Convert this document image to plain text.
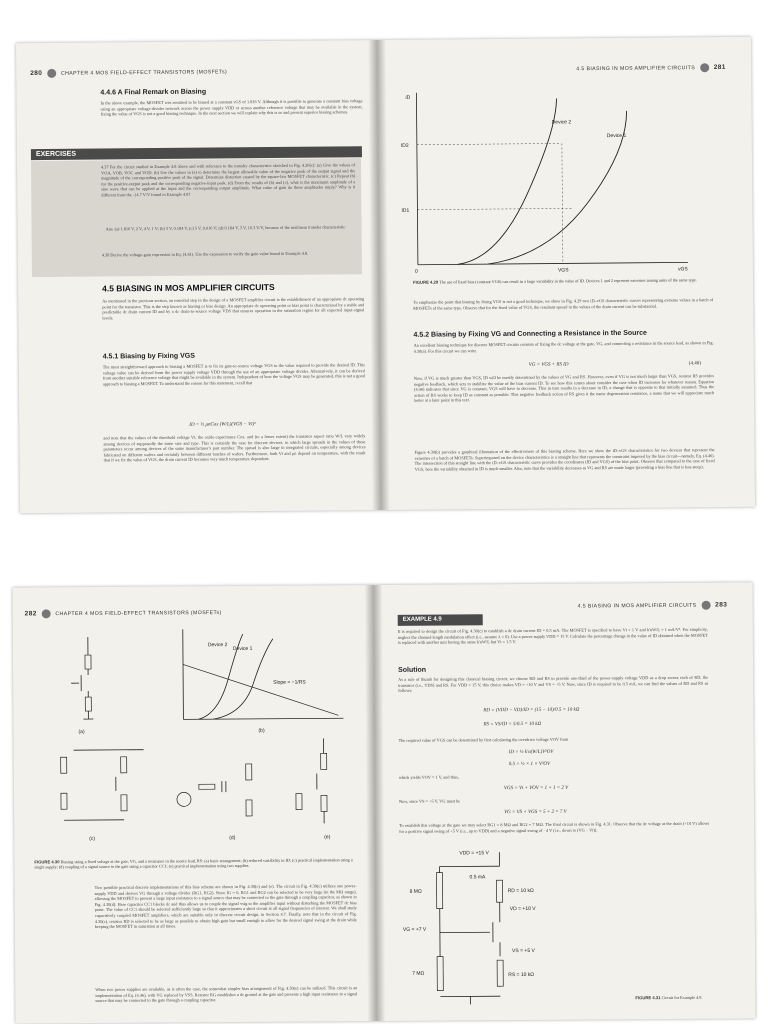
280	CHAPTER 4 MOS FIELD-EFFECT TRANSISTORS (MOSFETs)
4.4.6 A Final Remark on Biasing
In the above example, the MOSFET was assumed to be biased at a constant vGS of 1.816 V. Although it is possible to generate a constant bias voltage using an appropriate voltage-divider network across the power supply VDD or across another reference voltage that may be available in the system, fixing the value of VGS is not a good biasing technique. In the next section we will explain why this is so and present superior biasing schemes.
EXERCISES
4.37 For the circuit studied in Example 4.8 above and with reference to the transfer characteristic sketched in Fig. 4.26(c): (a) Give the values of VOA, VOB, VOC and VOD. (b) Use the values in (a) to determine the largest allowable value of the negative peak of the output signal and the magnitude of the corresponding positive peak of the signal. Determine distortion caused by the square-law MOSFET characteristic. (c) Repeat (b) for the positive-output peak and the corresponding negative-input peak. (d) From the results of (b) and (c), what is the maximum amplitude of a sine wave that can be applied at the input and the corresponding output amplitude. What value of gain do these amplitudes imply? Why is it different from the -14.7 V/V found in Example 4.8?
Ans. (a) 1.816 V, 2 V, 4 V, 1 V; (b) 3 V, 0.184 V, (c) 5 V, 0.016 V; (d) 0.184 V, 3 V, 16.3 V/V, because of the nonlinear transfer characteristic
4.38 Derive the voltage-gain expression in Eq. (4.41). Use the expression to verify the gain value found in Example 4.8.
4.5 BIASING IN MOS AMPLIFIER CIRCUITS
As mentioned in the previous section, an essential step in the design of a MOSFET amplifier circuit is the establishment of an appropriate dc operating point for the transistor. This is the step known as biasing or bias design. An appropriate dc operating point or bias point is characterized by a stable and predictable dc drain current ID and by a dc drain-to-source voltage VDS that ensures operation in the saturation region for all expected input-signal levels.
4.5.1 Biasing by Fixing VGS
The most straightforward approach to biasing a MOSFET is to fix its gate-to-source voltage VGS to the value required to provide the desired ID. This voltage value can be derived from the power supply voltage VDD through the use of an appropriate voltage divider. Alternatively, it can be derived from another suitable reference voltage that might be available in the system. Independent of how the voltage VGS may be generated, this is not a good approach to biasing a MOSFET. To understand the reason for this statement, recall that
ID = ½ μnCox (W/L)(VGS − Vt)²
and note that the values of the threshold voltage Vt, the oxide-capacitance Cox, and (to a lesser extent) the transistor aspect ratio W/L vary widely among devices of supposedly the same size and type. This is certainly the case for discrete devices, in which large spreads in the values of these parameters occur among devices of the same manufacturer's part number. The spread is also large in integrated circuits, especially among devices fabricated on different wafers and certainly between different batches of wafers. Furthermore, both Vt and μn depend on temperature, with the result that if we fix the value of VGS, the drain current ID becomes very much temperature dependent.
4.5 BIASING IN MOS AMPLIFIER CIRCUITS	281
iD
ID2
ID1
Device 2
Device 1
0	VGS	vGS
FIGURE 4.29 The use of fixed bias (constant VGS) can result in a large variability in the value of ID. Devices 1 and 2 represent extremes among units of the same type.
To emphasize the point that biasing by fixing VGS is not a good technique, we show in Fig. 4.29 two iD–vGS characteristic curves representing extreme values in a batch of MOSFETs of the same type. Observe that for the fixed value of VGS, the resultant spread in the values of the drain current can be substantial.
4.5.2 Biasing by Fixing VG and Connecting a Resistance in the Source
An excellent biasing technique for discrete MOSFET circuits consists of fixing the dc voltage at the gate, VG, and connecting a resistance in the source lead, as shown in Fig. 4.30(a). For this circuit we can write
VG = VGS + RS ID	(4.46)
Now, if VG is much greater than VGS, ID will be mostly determined by the values of VG and RS. However, even if VG is not much larger than VGS, resistor RS provides negative feedback, which acts to stabilize the value of the bias current ID. To see how this comes about consider the case when ID increases for whatever reason. Equation (4.46) indicates that since VG is constant, VGS will have to decrease. This in turn results in a decrease in ID, a change that is opposite to that initially assumed. Thus the action of RS works to keep ID as constant as possible. This negative feedback action of RS gives it the name degeneration resistance, a name that we will appreciate much better at a later point in this text.
Figure 4.30(b) provides a graphical illustration of the effectiveness of this biasing scheme. Here we show the iD–vGS characteristics for two devices that represent the extremes of a batch of MOSFETs. Superimposed on the device characteristics is a straight line that represents the constraint imposed by the bias circuit—namely, Eq. (4.46). The intersection of this straight line with the iD–vGS characteristic curve provides the coordinates (ID and VGS) of the bias point. Observe that compared to the case of fixed VGS, here the variability obtained in ID is much smaller. Also, note that the variability decreases as VG and RS are made larger (providing a bias line that is less steep).
282	CHAPTER 4 MOS FIELD-EFFECT TRANSISTORS (MOSFETs)
(a)
Device 2
Device 1
Slope = −1/RS
(b)
(c)	(d)	(e)
FIGURE 4.30 Biasing using a fixed voltage at the gate, VG, and a resistance in the source lead, RS: (a) basic arrangement; (b) reduced variability in ID; (c) practical implementation using a single supply; (d) coupling of a signal source to the gate using a capacitor CC1; (e) practical implementation using two supplies.
Two possible practical discrete implementations of this bias scheme are shown in Fig. 4.30(c) and (e). The circuit in Fig. 4.30(c) utilizes one power-supply VDD and derives VG through a voltage divider (RG1, RG2). Since IG = 0, RG1 and RG2 can be selected to be very large (in the MΩ range), allowing the MOSFET to present a large input resistance to a signal source that may be connected to the gate through a coupling capacitor, as shown in Fig. 4.30(d). Here capacitor CC1 blocks dc and thus allows us to couple the signal vsig to the amplifier input without disturbing the MOSFET dc bias point. The value of CC1 should be selected sufficiently large so that it approximates a short circuit at all signal frequencies of interest. We shall study capacitively coupled MOSFET amplifiers, which are suitable only in discrete circuit design, in Section 4.7. Finally, note that in the circuit of Fig. 4.30(c), resistor RD is selected to be as large as possible to obtain high gain but small enough to allow for the desired signal swing at the drain while keeping the MOSFET in saturation at all times.
When two power supplies are available, as is often the case, the somewhat simpler bias arrangement of Fig. 4.30(e) can be utilized. This circuit is an implementation of Eq. (4.46), with VG replaced by VSS. Resistor RG establishes a dc ground at the gate and presents a high input resistance to a signal source that may be connected to the gate through a coupling capacitor.
4.5 BIASING IN MOS AMPLIFIER CIRCUITS	283
EXAMPLE 4.9
It is required to design the circuit of Fig. 4.30(c) to establish a dc drain current ID = 0.5 mA. The MOSFET is specified to have Vt = 1 V and k'nW/L = 1 mA/V². For simplicity, neglect the channel-length modulation effect (i.e., assume λ = 0). Use a power-supply VDD = 15 V. Calculate the percentage change in the value of ID obtained when the MOSFET is replaced with another unit having the same k'nW/L but Vt = 1.5 V.
Solution
As a rule of thumb for designing this classical biasing circuit, we choose RD and RS to provide one-third of the power-supply voltage VDD as a drop across each of RD, the transistor (i.e., VDS) and RS. For VDD = 15 V, this choice makes VD = +10 V and VS = +5 V. Now, since ID is required to be 0.5 mA, we can find the values of RD and RS as follows:
RD = (VDD − VD)/ID = (15 − 10)/0.5 = 10 kΩ
RS = VS/ID = 5/0.5 = 10 kΩ
The required value of VGS can be determined by first calculating the overdrive voltage VOV from
ID = ½ k'n(W/L)V²OV
0.5 = ½ × 1 × V²OV
which yields VOV = 1 V, and thus,
VGS = Vt + VOV = 1 + 1 = 2 V
Now, since VS = +5 V, VG must be
VG = VS + VGS = 5 + 2 = 7 V
To establish this voltage at the gate we may select RG1 = 8 MΩ and RG2 = 7 MΩ. The final circuit is shown in Fig. 4.31. Observe that the dc voltage at the drain (+10 V) allows for a positive signal swing of +5 V (i.e., up to VDD) and a negative signal swing of −4 V (i.e., down to (VG − Vt)).
VDD = +15 V
0.5 mA
8 MΩ	RD = 10 kΩ
VD = +10 V
VG = +7 V
VS = +5 V
7 MΩ	RS = 10 kΩ
FIGURE 4.31 Circuit for Example 4.9.
